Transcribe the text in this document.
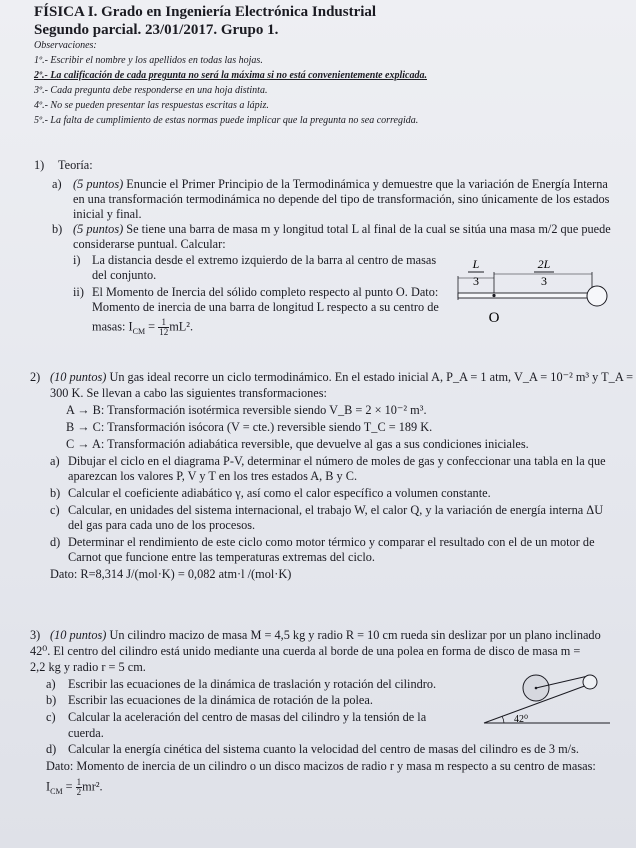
FÍSICA I. Grado en Ingeniería Electrónica Industrial
Segundo parcial. 23/01/2017. Grupo 1.
Observaciones:
1º.- Escribir el nombre y los apellidos en todas las hojas.
2º.- La calificación de cada pregunta no será la máxima si no está convenientemente explicada.
3º.- Cada pregunta debe responderse en una hoja distinta.
4º.- No se pueden presentar las respuestas escritas a lápiz.
5º.- La falta de cumplimiento de estas normas puede implicar que la pregunta no sea corregida.
1) Teoría:
a) (5 puntos) Enuncie el Primer Principio de la Termodinámica y demuestre que la variación de Energía Interna
en una transformación termodinámica no depende del tipo de transformación, sino únicamente de los estados
inicial y final.
b) (5 puntos) Se tiene una barra de masa m y longitud total L al final de la cual se sitúa una masa m/2 que puede
considerarse puntual. Calcular:
i) La distancia desde el extremo izquierdo de la barra al centro de masas
del conjunto.
ii) El Momento de Inercia del sólido completo respecto al punto O. Dato:
Momento de inercia de una barra de longitud L respecto a su centro de
masas: $I_{CM} = \frac{1}{12} mL^2$.
L
3
2L
3
O
2) (10 puntos) Un gas ideal recorre un ciclo termodinámico. En el estado inicial A, P_A = 1 atm, V_A = 10⁻² m³ y T_A =
300 K. Se llevan a cabo las siguientes transformaciones:
A → B: Transformación isotérmica reversible siendo V_B = 2 × 10⁻² m³.
B → C: Transformación isócora (V = cte.) reversible siendo T_C = 189 K.
C → A: Transformación adiabática reversible, que devuelve al gas a sus condiciones iniciales.
a) Dibujar el ciclo en el diagrama P-V, determinar el número de moles de gas y confeccionar una tabla en la que
aparezcan los valores P, V y T en los tres estados A, B y C.
b) Calcular el coeficiente adiabático γ, así como el calor específico a volumen constante.
c) Calcular, en unidades del sistema internacional, el trabajo W, el calor Q, y la variación de energía interna ΔU
del gas para cada uno de los procesos.
d) Determinar el rendimiento de este ciclo como motor térmico y comparar el resultado con el de un motor de
Carnot que funcione entre las temperaturas extremas del ciclo.
Dato: R=8,314 J/(mol·K) = 0,082 atm·l /(mol·K)
3) (10 puntos) Un cilindro macizo de masa M = 4,5 kg y radio R = 10 cm rueda sin deslizar por un plano inclinado
42⁰. El centro del cilindro está unido mediante una cuerda al borde de una polea en forma de disco de masa m =
2,2 kg y radio r = 5 cm.
a) Escribir las ecuaciones de la dinámica de traslación y rotación del cilindro.
b) Escribir las ecuaciones de la dinámica de rotación de la polea.
c) Calcular la aceleración del centro de masas del cilindro y la tensión de la
cuerda.
d) Calcular la energía cinética del sistema cuanto la velocidad del centro de masas del cilindro es de 3 m/s.
Dato: Momento de inercia de un cilindro o un disco macizos de radio r y masa m respecto a su centro de masas:
$I_{CM} = \frac{1}{2} mr^2$.
42⁰
